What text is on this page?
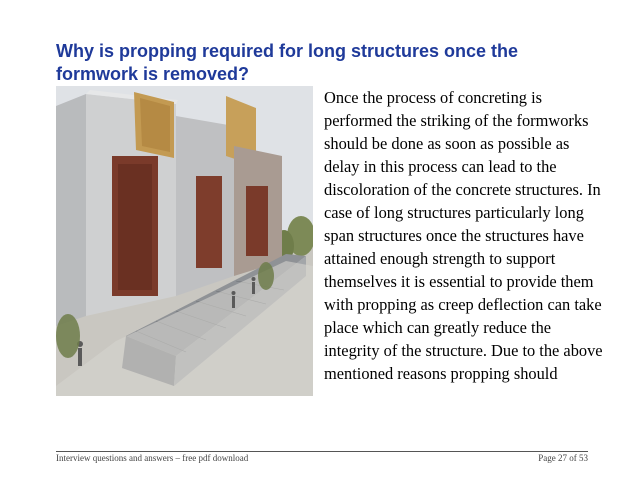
Why is propping required for long structures once the formwork is removed?

Once the process of concreting is performed the striking of the formworks should be done as soon as possible as delay in this process can lead to the discoloration of the concrete structures. In case of long structures particularly long span structures once the structures have attained enough strength to support themselves it is essential to provide them with propping as creep deflection can take place which can greatly reduce the integrity of the structure. Due to the above mentioned reasons propping should

Interview questions and answers – free pdf download	Page 27 of 53
